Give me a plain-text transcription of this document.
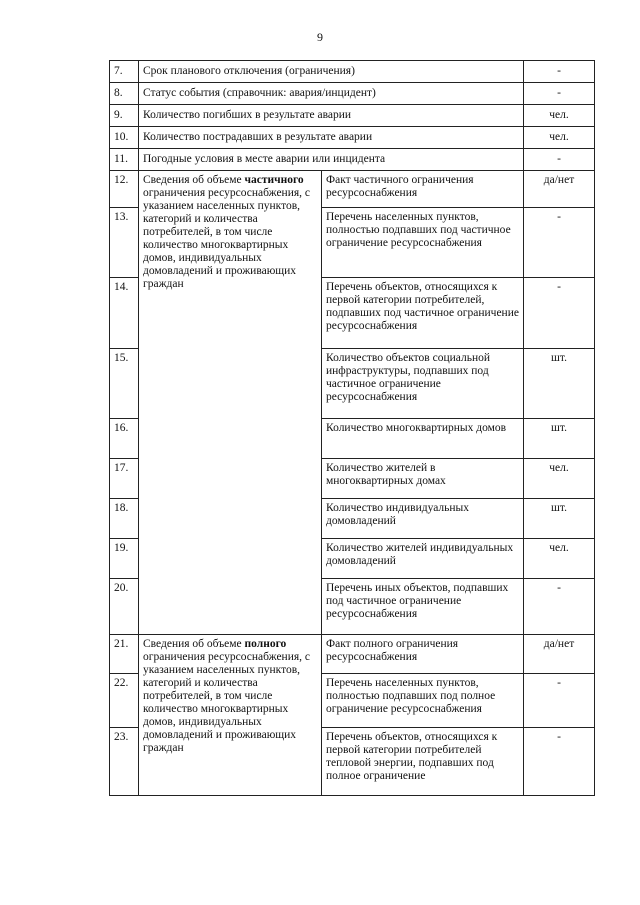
9
7.	Срок планового отключения (ограничения)		-
8.	Статус события (справочник: авария/инцидент)		-
9.	Количество погибших в результате аварии		чел.
10.	Количество пострадавших в результате аварии		чел.
11.	Погодные условия в месте аварии или инцидента		-
12.	Сведения об объеме частичного ограничения ресурсоснабжения, с указанием населенных пунктов, категорий и количества потребителей, в том числе количество многоквартирных домов, индивидуальных домовладений и проживающих граждан	Факт частичного ограничения ресурсоснабжения	да/нет
13.		Перечень населенных пунктов, полностью подпавших под частичное ограничение ресурсоснабжения	-
14.		Перечень объектов, относящихся к первой категории потребителей, подпавших под частичное ограничение ресурсоснабжения	-
15.		Количество объектов социальной инфраструктуры, подпавших под частичное ограничение ресурсоснабжения	шт.
16.		Количество многоквартирных домов	шт.
17.		Количество жителей в многоквартирных домах	чел.
18.		Количество индивидуальных домовладений	шт.
19.		Количество жителей индивидуальных домовладений	чел.
20.		Перечень иных объектов, подпавших под частичное ограничение ресурсоснабжения	-
21.	Сведения об объеме полного ограничения ресурсоснабжения, с указанием населенных пунктов, категорий и количества потребителей, в том числе количество многоквартирных домов, индивидуальных домовладений и проживающих граждан	Факт полного ограничения ресурсоснабжения	да/нет
22.		Перечень населенных пунктов, полностью подпавших под полное ограничение ресурсоснабжения	-
23.		Перечень объектов, относящихся к первой категории потребителей тепловой энергии, подпавших под полное ограничение	-
